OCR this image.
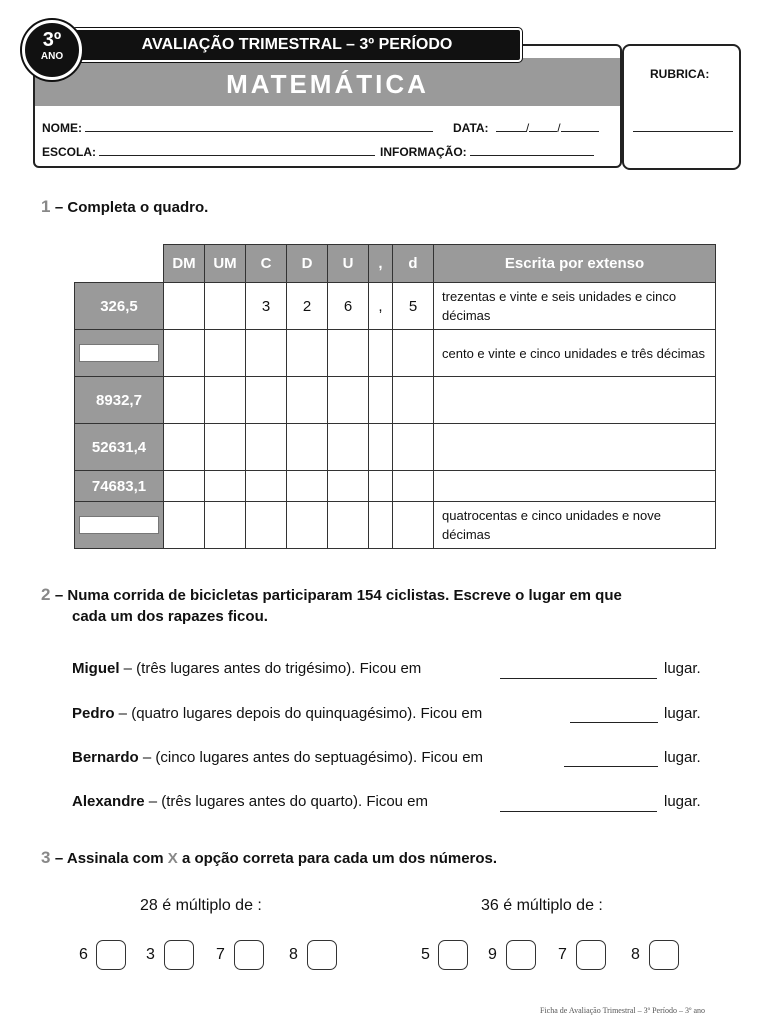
3º
ANO
AVALIAÇÃO TRIMESTRAL – 3º PERÍODO
MATEMÁTICA
NOME:	DATA:	/ /
ESCOLA:	INFORMAÇÃO:
RUBRICA:
1 – Completa o quadro.
	DM	UM	C	D	U	,	d	Escrita por extenso
326,5			3	2	6	,	5	trezentas e vinte e seis unidades e cinco décimas
								cento e vinte e cinco unidades e três décimas
8932,7								
52631,4								
74683,1								
								quatrocentas e cinco unidades e nove décimas
2 – Numa corrida de bicicletas participaram 154 ciclistas. Escreve o lugar em que
cada um dos rapazes ficou.
Miguel – (três lugares antes do trigésimo). Ficou em	lugar.
Pedro – (quatro lugares depois do quinquagésimo). Ficou em	lugar.
Bernardo – (cinco lugares antes do septuagésimo). Ficou em	lugar.
Alexandre – (três lugares antes do quarto). Ficou em	lugar.
3 – Assinala com X a opção correta para cada um dos números.
28 é múltiplo de :	36 é múltiplo de :
6	3	7	8	5	9	7	8
Ficha de Avaliação Trimestral – 3º Período – 3º ano
